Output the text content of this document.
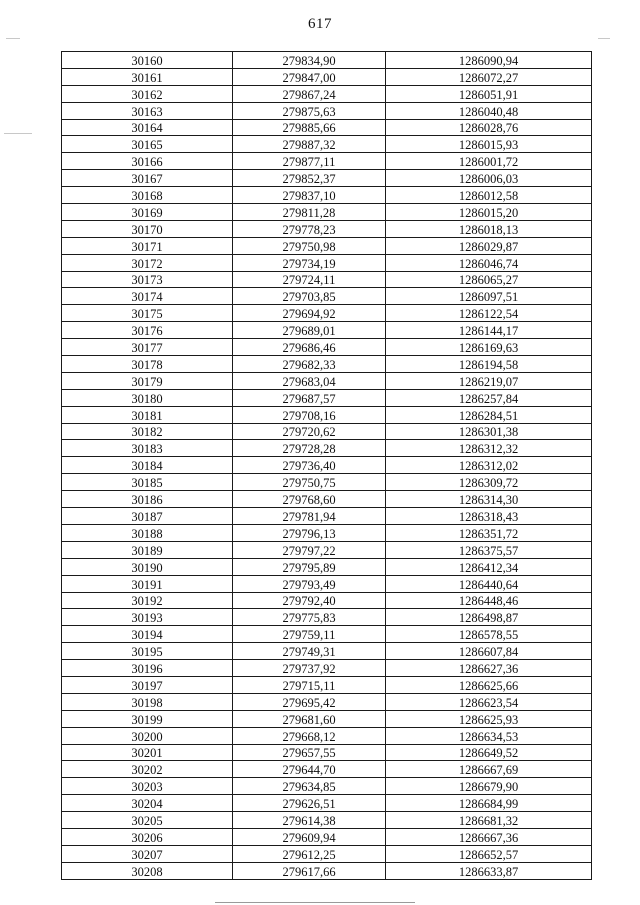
617
30160	279834,90	1286090,94
30161	279847,00	1286072,27
30162	279867,24	1286051,91
30163	279875,63	1286040,48
30164	279885,66	1286028,76
30165	279887,32	1286015,93
30166	279877,11	1286001,72
30167	279852,37	1286006,03
30168	279837,10	1286012,58
30169	279811,28	1286015,20
30170	279778,23	1286018,13
30171	279750,98	1286029,87
30172	279734,19	1286046,74
30173	279724,11	1286065,27
30174	279703,85	1286097,51
30175	279694,92	1286122,54
30176	279689,01	1286144,17
30177	279686,46	1286169,63
30178	279682,33	1286194,58
30179	279683,04	1286219,07
30180	279687,57	1286257,84
30181	279708,16	1286284,51
30182	279720,62	1286301,38
30183	279728,28	1286312,32
30184	279736,40	1286312,02
30185	279750,75	1286309,72
30186	279768,60	1286314,30
30187	279781,94	1286318,43
30188	279796,13	1286351,72
30189	279797,22	1286375,57
30190	279795,89	1286412,34
30191	279793,49	1286440,64
30192	279792,40	1286448,46
30193	279775,83	1286498,87
30194	279759,11	1286578,55
30195	279749,31	1286607,84
30196	279737,92	1286627,36
30197	279715,11	1286625,66
30198	279695,42	1286623,54
30199	279681,60	1286625,93
30200	279668,12	1286634,53
30201	279657,55	1286649,52
30202	279644,70	1286667,69
30203	279634,85	1286679,90
30204	279626,51	1286684,99
30205	279614,38	1286681,32
30206	279609,94	1286667,36
30207	279612,25	1286652,57
30208	279617,66	1286633,87
